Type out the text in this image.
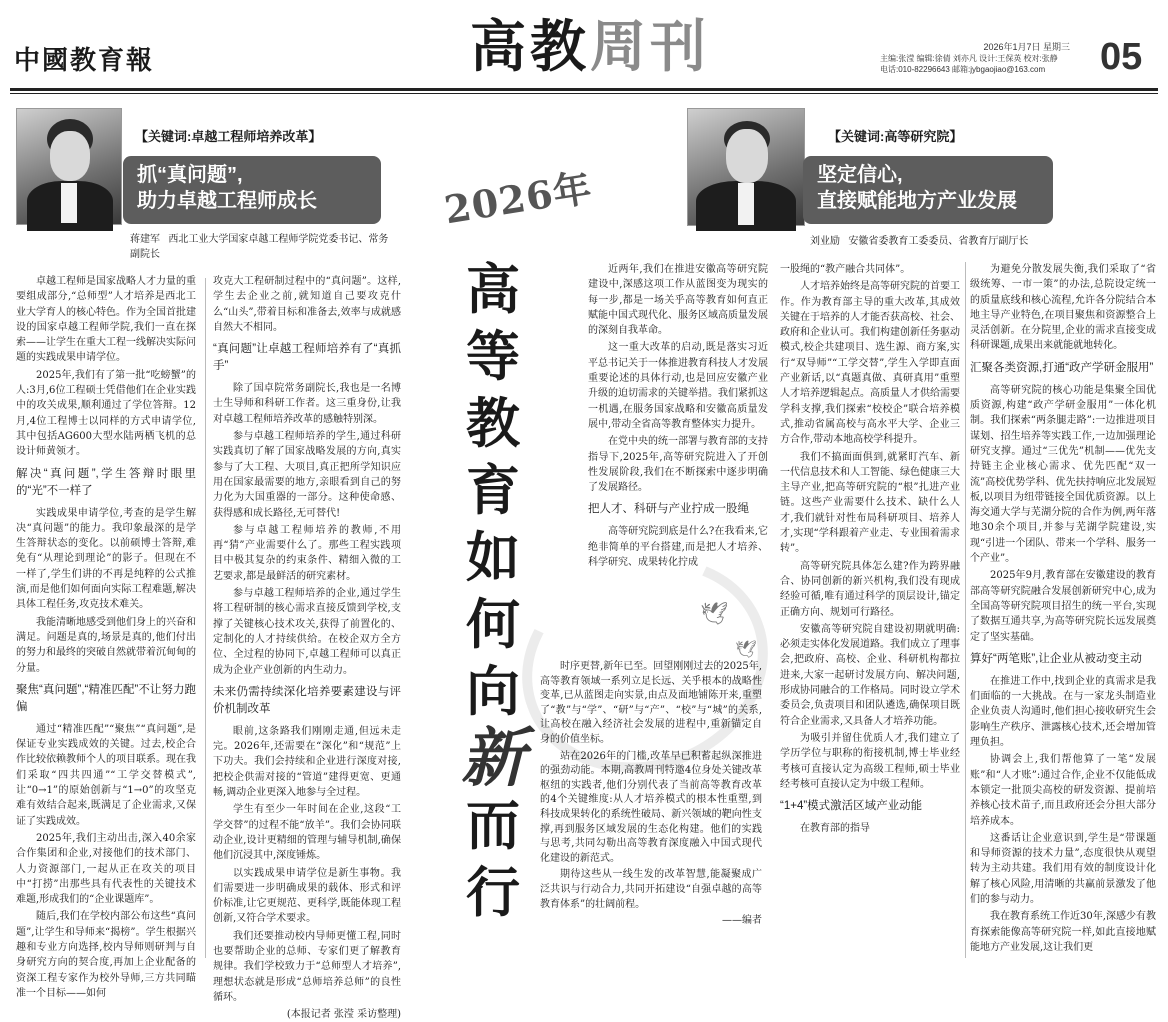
中國教育報	高教周刊	2026年1月7日 星期三
主编:张滢 编辑:徐倩 刘亦凡 设计:王保英 校对:张静
电话:010-82296643 邮箱:jybgaojiao@163.com	05
【关键词:卓越工程师培养改革】
抓“真问题”,
助力卓越工程师成长
蒋建军 西北工业大学国家卓越工程师学院党委书记、常务副院长

卓越工程师是国家战略人才力量的重要组成部分,“总师型”人才培养是西北工业大学育人的核心特色。作为全国首批建设的国家卓越工程师学院,我们一直在探索——让学生在重大工程一线解决实际问题的实践成果申请学位。

2025年,我们有了第一批“吃螃蟹”的人:3月,6位工程硕士凭借他们在企业实践中的攻关成果,顺利通过了学位答辩。12月,4位工程博士以同样的方式申请学位,其中包括AG600大型水陆两栖飞机的总设计师黄领才。

解决“真问题”,学生答辩时眼里的“光”不一样了

实践成果申请学位,考查的是学生解决“真问题”的能力。我印象最深的是学生答辩状态的变化。以前硕博士答辩,难免有“从理论到理论”的影子。但现在不一样了,学生们讲的不再是纯粹的公式推演,而是他们如何面向实际工程难题,解决具体工程任务,攻克技术难关。

我能清晰地感受到他们身上的兴奋和满足。问题是真的,场景是真的,他们付出的努力和最终的突破自然就带着沉甸甸的分量。

聚焦“真问题”,“精准匹配”不让努力跑偏

通过“精准匹配”“聚焦”“真问题”,是保证专业实践成效的关键。过去,校企合作比较依赖教师个人的项目联系。现在我们采取“四共四通”“工学交替模式”,让“0→1”的原始创新与“1→0”的攻坚克难有效结合起来,既满足了企业需求,又保证了实践成效。

2025年,我们主动出击,深入40余家合作集团和企业,对接他们的技术部门、人力资源部门,一起从正在攻关的项目中“打捞”出那些具有代表性的关键技术难题,形成我们的“企业课题库”。

随后,我们在学校内部公布这些“真问题”,让学生和导师来“揭榜”。学生根据兴趣和专业方向选择,校内导师则研判与自身研究方向的契合度,再加上企业配备的资深工程专家作为校外导师,三方共同瞄准一个目标——如何

攻克大工程研制过程中的“真问题”。这样,学生去企业之前,就知道自己要攻克什么“山头”,带着目标和准备去,效率与成就感自然大不相同。

“真问题”让卓越工程师培养有了“真抓手”

除了国卓院常务副院长,我也是一名博士生导师和科研工作者。这三重身份,让我对卓越工程师培养改革的感触特别深。

参与卓越工程师培养的学生,通过科研实践真切了解了国家战略发展的方向,真实参与了大工程、大项目,真正把所学知识应用在国家最需要的地方,亲眼看到自己的努力化为大国重器的一部分。这种使命感、获得感和成长路径,无可替代!

参与卓越工程师培养的教师,不用再“猜”产业需要什么了。那些工程实践项目中极其复杂的约束条件、精细入微的工艺要求,都是最鲜活的研究素材。

参与卓越工程师培养的企业,通过学生将工程研制的核心需求直接反馈到学校,支撑了关键核心技术攻关,获得了前置化的、定制化的人才持续供给。在校企双方全方位、全过程的协同下,卓越工程师可以真正成为企业产业创新的内生动力。

未来仍需持续深化培养要素建设与评价机制改革

眼前,这条路我们刚刚走通,但远未走完。2026年,还需要在“深化”和“规范”上下功夫。我们会持续和企业进行深度对接,把校企供需对接的“管道”建得更宽、更通畅,调动企业更深入地参与全过程。

学生有至少一年时间在企业,这段“工学交替”的过程不能“放羊”。我们会协同联动企业,设计更精细的管理与辅导机制,确保他们沉浸其中,深度锤炼。

以实践成果申请学位是新生事物。我们需要进一步明确成果的载体、形式和评价标准,让它更规范、更科学,既能体现工程创新,又符合学术要求。

我们还要推动校内导师更懂工程,同时也要帮助企业的总师、专家们更了解教育规律。我们学校致力于“总师型人才培养”,理想状态就是形成“总师培养总师”的良性循环。

(本报记者 张滢 采访整理)

2026年
高
等
教
育
如
何
向
新
而
行
🕊
🕊

时序更替,新年已至。回望刚刚过去的2025年,高等教育领域一系列立足长远、关乎根本的战略性变革,已从蓝图走向实景,由点及面地铺陈开来,重塑了“教”与“学”、“研”与“产”、“校”与“城”的关系,让高校在融入经济社会发展的进程中,重新锚定自身的价值坐标。

站在2026年的门槛,改革早已积蓄起纵深推进的强劲动能。本期,高教周刊特邀4位身处关键改革枢纽的实践者,他们分别代表了当前高等教育改革的4个关键维度:从人才培养模式的根本性重塑,到科技成果转化的系统性破局、新兴领域的靶向性支撑,再到服务区域发展的生态化构建。他们的实践与思考,共同勾勒出高等教育深度融入中国式现代化建设的新范式。

期待这些从一线生发的改革智慧,能凝聚成广泛共识与行动合力,共同开拓建设“自强卓越的高等教育体系”的壮阔前程。

——编者

【关键词:高等研究院】
坚定信心,
直接赋能地方产业发展
刘业励 安徽省委教育工委委员、省教育厅副厅长

近两年,我们在推进安徽高等研究院建设中,深感这项工作从蓝图变为现实的每一步,都是一场关乎高等教育如何直正赋能中国式现代化、服务区域高质量发展的深刻自我革命。

这一重大改革的启动,既是落实习近平总书记关于一体推进教育科技人才发展重要论述的具体行动,也是回应安徽产业升级的迫切需求的关键举措。我们紧抓这一机遇,在服务国家战略和安徽高质量发展中,带动全省高等教育整体实力提升。

在党中央的统一部署与教育部的支持指导下,2025年,高等研究院进入了开创性发展阶段,我们在不断探索中逐步明确了发展路径。

把人才、科研与产业拧成一股绳

高等研究院到底是什么?在我看来,它绝非简单的平台搭建,而是把人才培养、科学研究、成果转化拧成

一股绳的“教产融合共同体”。

人才培养始终是高等研究院的首要工作。作为教育部主导的重大改革,其成效关键在于培养的人才能否获高校、社会、政府和企业认可。我们构建创新任务驱动模式,校企共建项目、选生源、商方案,实行“双导师”“工学交替”,学生入学即直面产业新话,以“真题真做、真研真用”重塑人才培养逻辑起点。高质量人才供给需要学科支撑,我们探索“校校企”联合培养模式,推动省属高校与高水平大学、企业三方合作,带动本地高校学科提升。

我们不搞面面俱到,就紧盯汽车、新一代信息技术和人工智能、绿色健康三大主导产业,把高等研究院的“根”扎进产业链。这些产业需要什么技术、缺什么人才,我们就针对性布局科研项目、培养人才,实现“学科跟着产业走、专业围着需求转”。

高等研究院具体怎么建?作为跨界融合、协同创新的新兴机构,我们没有现成经验可循,唯有通过科学的顶层设计,锚定正确方向、规划可行路径。

安徽高等研究院自建设初期就明确:必须走实体化发展道路。我们成立了理事会,把政府、高校、企业、科研机构都拉进来,大家一起研讨发展方向、解决问题,形成协同融合的工作格局。同时设立学术委员会,负责项目和团队遴选,确保项目既符合企业需求,又具备人才培养功能。

为吸引并留住优质人才,我们建立了学历学位与职称的衔接机制,博士毕业经考核可直接认定为高级工程师,硕士毕业经考核可直接认定为中级工程师。

“1+4”模式激活区域产业动能

在教育部的指导

为避免分散发展失衡,我们采取了“省级统筹、一市一策”的办法,总院设定统一的质量底线和核心流程,允许各分院结合本地主导产业特色,在项目聚焦和资源整合上灵活创新。在分院里,企业的需求直接变成科研课题,成果出来就能就地转化。

汇聚各类资源,打通“政产学研金服用”

高等研究院的核心功能是集聚全国优质资源,构建“政产学研金服用”一体化机制。我们探索“两条腿走路”:一边推进项目谋划、招生培养等实践工作,一边加强理论研究支撑。通过“三优先”机制——优先支持链主企业核心需求、优先匹配“双一流”高校优势学科、优先扶持响应北发展短板,以项目为纽带链接全国优质资源。以上海交通大学与芜湖分院的合作为例,两年落地30余个项目,并参与芜湖学院建设,实现“引进一个团队、带来一个学科、服务一个产业”。

2025年9月,教育部在安徽建设的教育部高等研究院融合发展创新研究中心,成为全国高等研究院项目招生的统一平台,实现了数据互通共享,为高等研究院长远发展奠定了坚实基础。

算好“两笔账”,让企业从被动变主动

在推进工作中,找到企业的真需求是我们面临的一大挑战。在与一家龙头制造业企业负责人沟通时,他们担心接收研究生会影响生产秩序、泄露核心技术,还会增加管理负担。

协调会上,我们帮他算了一笔“发展账”和“人才账”:通过合作,企业不仅能低成本锁定一批顶尖高校的研发资源、提前培养核心技术苗子,而且政府还会分担大部分培养成本。

这番话让企业意识到,学生是“带课题和导师资源的技术力量”,态度很快从观望转为主动共建。我们用有效的制度设计化解了核心风险,用清晰的共赢前景激发了他们的参与动力。

我在教育系统工作近30年,深感少有教育探索能像高等研究院一样,如此直接地赋能地方产业发展,这让我们更
